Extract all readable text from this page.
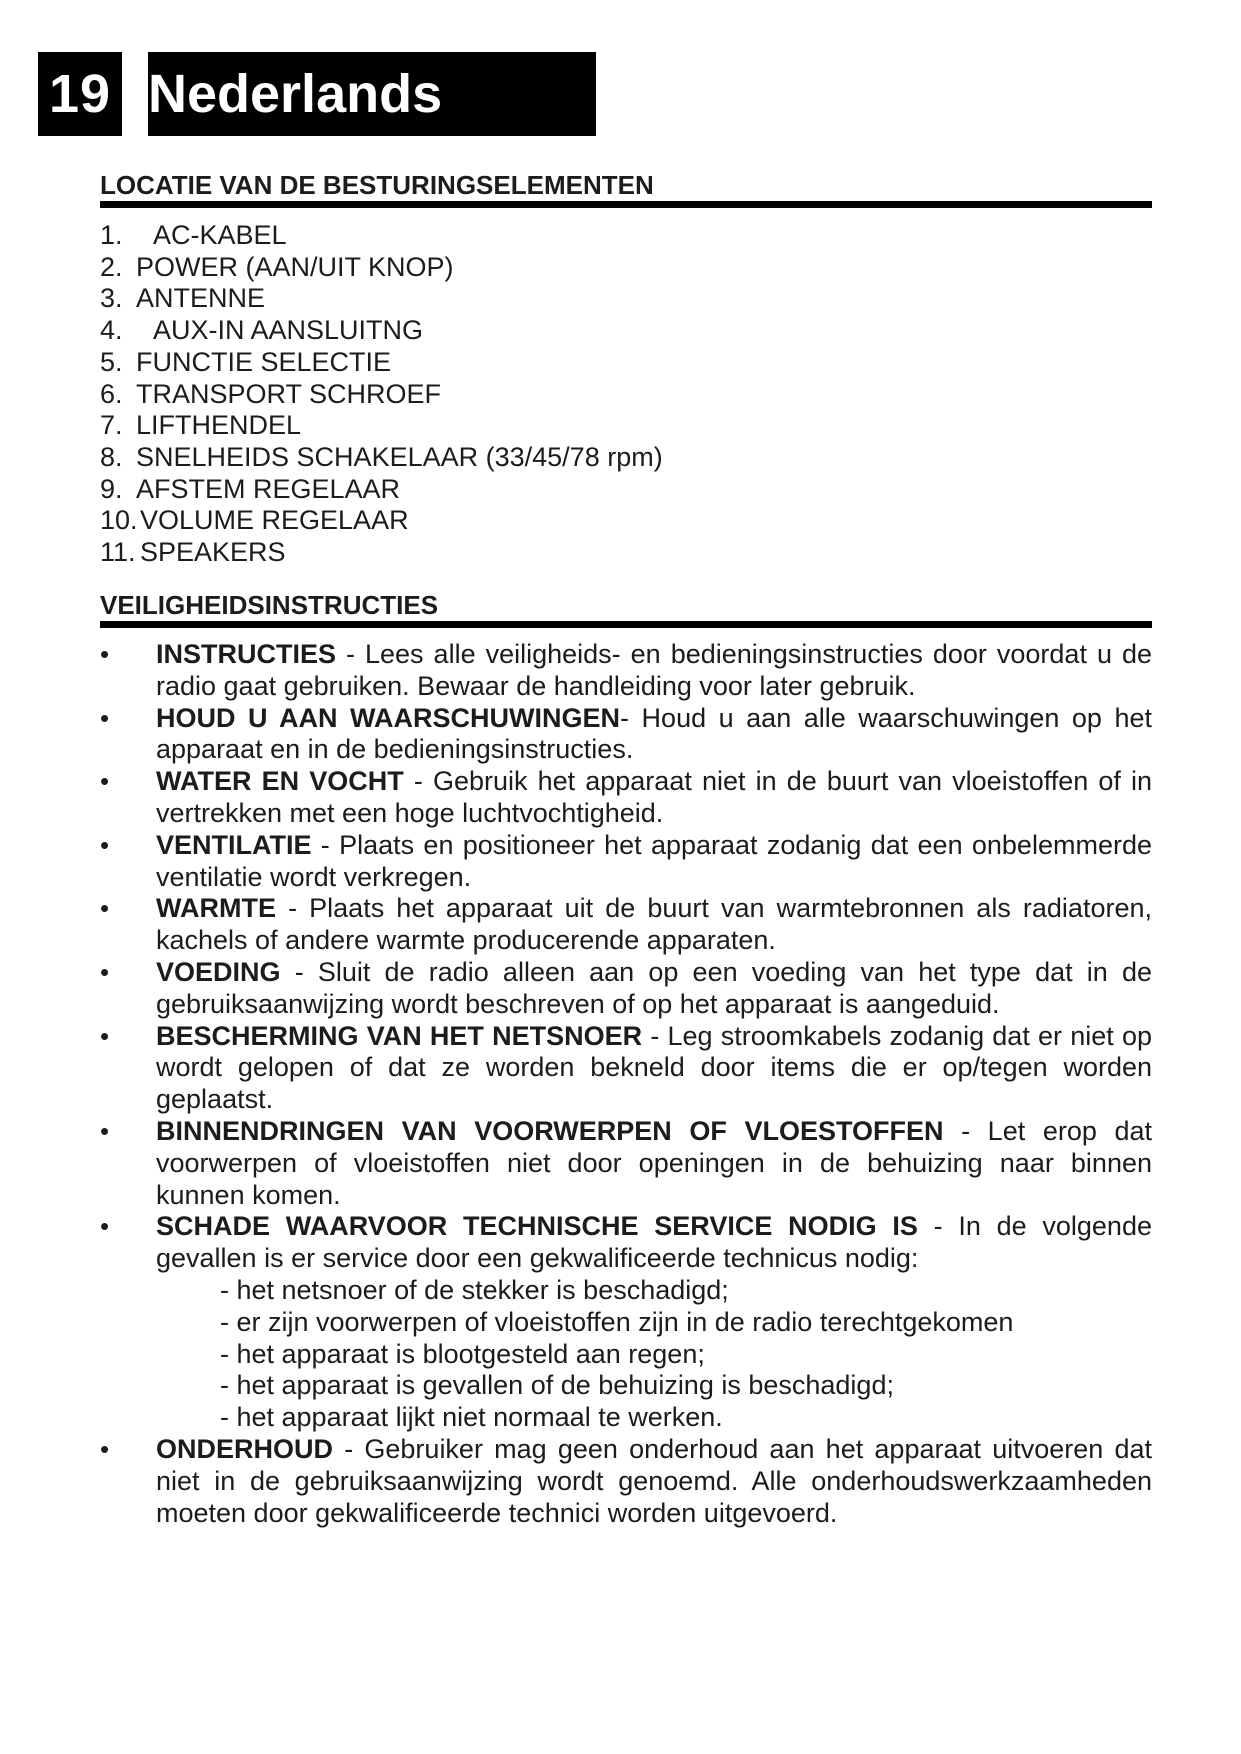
19 Nederlands
LOCATIE VAN DE BESTURINGSELEMENTEN
1. AC-KABEL
2. POWER (AAN/UIT KNOP)
3. ANTENNE
4. AUX-IN AANSLUITNG
5. FUNCTIE SELECTIE
6. TRANSPORT SCHROEF
7. LIFTHENDEL
8. SNELHEIDS SCHAKELAAR (33/45/78 rpm)
9. AFSTEM REGELAAR
10.VOLUME REGELAAR
11. SPEAKERS
VEILIGHEIDSINSTRUCTIES
• INSTRUCTIES - Lees alle veiligheids- en bedieningsinstructies door voordat u de radio gaat gebruiken. Bewaar de handleiding voor later gebruik.
• HOUD U AAN WAARSCHUWINGEN- Houd u aan alle waarschuwingen op het apparaat en in de bedieningsinstructies.
• WATER EN VOCHT - Gebruik het apparaat niet in de buurt van vloeistoffen of in vertrekken met een hoge luchtvochtigheid.
• VENTILATIE - Plaats en positioneer het apparaat zodanig dat een onbelemmerde ventilatie wordt verkregen.
• WARMTE - Plaats het apparaat uit de buurt van warmtebronnen als radiatoren, kachels of andere warmte producerende apparaten.
• VOEDING - Sluit de radio alleen aan op een voeding van het type dat in de gebruiksaanwijzing wordt beschreven of op het apparaat is aangeduid.
• BESCHERMING VAN HET NETSNOER - Leg stroomkabels zodanig dat er niet op wordt gelopen of dat ze worden bekneld door items die er op/tegen worden geplaatst.
• BINNENDRINGEN VAN VOORWERPEN OF VLOESTOFFEN - Let erop dat voorwerpen of vloeistoffen niet door openingen in de behuizing naar binnen kunnen komen.
• SCHADE WAARVOOR TECHNISCHE SERVICE NODIG IS - In de volgende gevallen is er service door een gekwalificeerde technicus nodig:
- het netsnoer of de stekker is beschadigd;
- er zijn voorwerpen of vloeistoffen zijn in de radio terechtgekomen
- het apparaat is blootgesteld aan regen;
- het apparaat is gevallen of de behuizing is beschadigd;
- het apparaat lijkt niet normaal te werken.
• ONDERHOUD - Gebruiker mag geen onderhoud aan het apparaat uitvoeren dat niet in de gebruiksaanwijzing wordt genoemd. Alle onderhoudswerkzaamheden moeten door gekwalificeerde technici worden uitgevoerd.
